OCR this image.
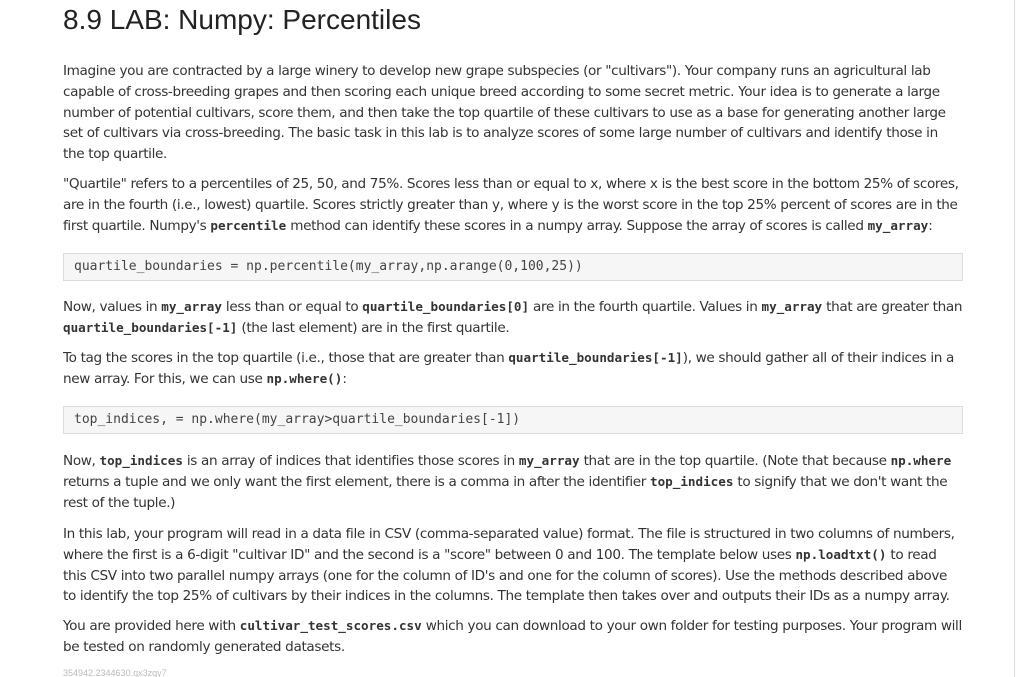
8.9 LAB: Numpy: Percentiles

Imagine you are contracted by a large winery to develop new grape subspecies (or "cultivars"). Your company runs an agricultural lab capable of cross-breeding grapes and then scoring each unique breed according to some secret metric. Your idea is to generate a large number of potential cultivars, score them, and then take the top quartile of these cultivars to use as a base for generating another large set of cultivars via cross-breeding. The basic task in this lab is to analyze scores of some large number of cultivars and identify those in the top quartile.

"Quartile" refers to a percentiles of 25, 50, and 75%. Scores less than or equal to x, where x is the best score in the bottom 25% of scores, are in the fourth (i.e., lowest) quartile. Scores strictly greater than y, where y is the worst score in the top 25% percent of scores are in the first quartile. Numpy's percentile method can identify these scores in a numpy array. Suppose the array of scores is called my_array:

quartile_boundaries = np.percentile(my_array,np.arange(0,100,25))

Now, values in my_array less than or equal to quartile_boundaries[0] are in the fourth quartile. Values in my_array that are greater than quartile_boundaries[-1] (the last element) are in the first quartile.

To tag the scores in the top quartile (i.e., those that are greater than quartile_boundaries[-1]), we should gather all of their indices in a new array. For this, we can use np.where():

top_indices, = np.where(my_array>quartile_boundaries[-1])

Now, top_indices is an array of indices that identifies those scores in my_array that are in the top quartile. (Note that because np.where returns a tuple and we only want the first element, there is a comma in after the identifier top_indices to signify that we don't want the rest of the tuple.)

In this lab, your program will read in a data file in CSV (comma-separated value) format. The file is structured in two columns of numbers, where the first is a 6-digit "cultivar ID" and the second is a "score" between 0 and 100. The template below uses np.loadtxt() to read this CSV into two parallel numpy arrays (one for the column of ID's and one for the column of scores). Use the methods described above to identify the top 25% of cultivars by their indices in the columns. The template then takes over and outputs their IDs as a numpy array.

You are provided here with cultivar_test_scores.csv which you can download to your own folder for testing purposes. Your program will be tested on randomly generated datasets.

354942.2344630.qx3zqy7
